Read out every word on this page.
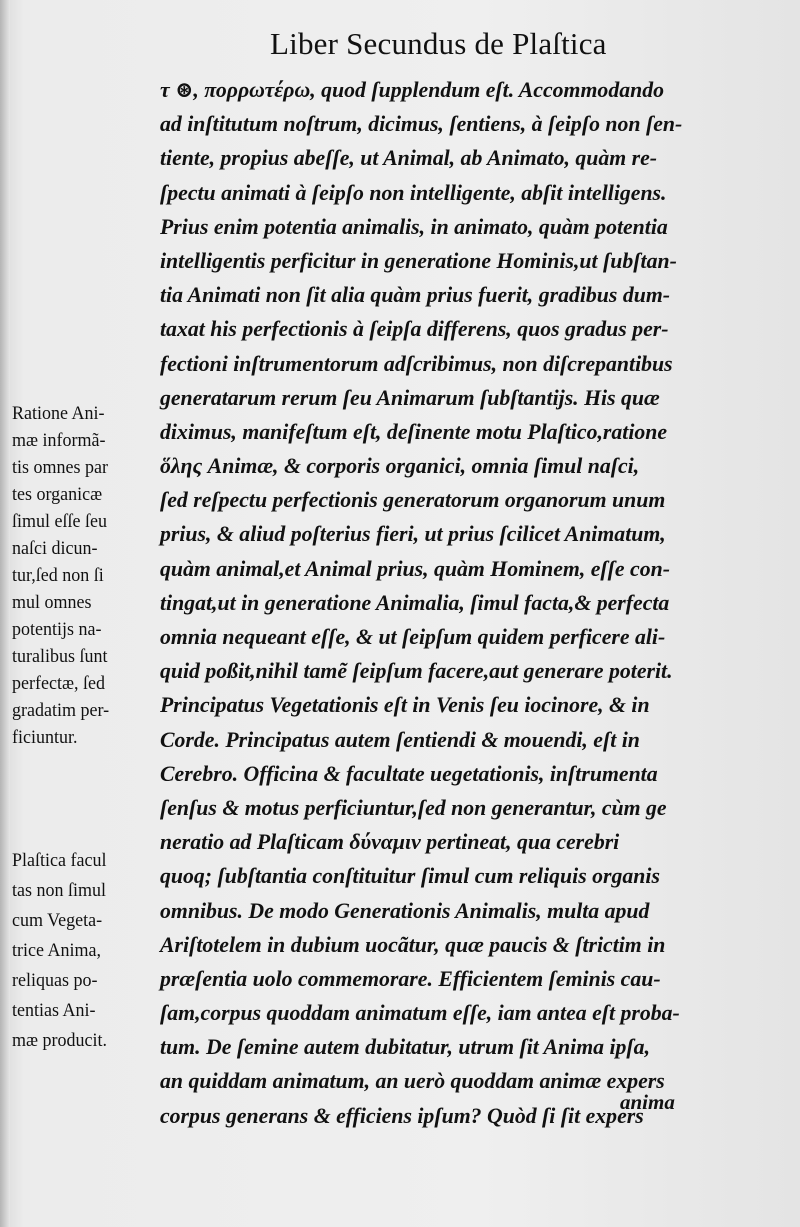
Liber Secundus de Plaſtica
τ ⊛, πορρωτέρω, quod ſupplendum eſt. Accommodando
ad inſtitutum noſtrum, dicimus, ſentiens, à ſeipſo non ſen-
tiente, propius abeſſe, ut Animal, ab Animato, quàm re-
ſpectu animati à ſeipſo non intelligente, abſit intelligens.
Prius enim potentia animalis, in animato, quàm potentia
intelligentis perficitur in generatione Hominis,ut ſubſtan-
tia Animati non ſit alia quàm prius fuerit, gradibus dum-
taxat his perfectionis à ſeipſa differens, quos gradus per-
fectioni inſtrumentorum adſcribimus, non diſcrepantibus
generatarum rerum ſeu Animarum ſubſtantijs. His quæ
diximus, manifeſtum eſt, deſinente motu Plaſtico,ratione
ὅλης Animæ, & corporis organici, omnia ſimul naſci,
ſed reſpectu perfectionis generatorum organorum unum
prius, & aliud poſterius fieri, ut prius ſcilicet Animatum,
quàm animal,et Animal prius, quàm Hominem, eſſe con-
tingat,ut in generatione Animalia, ſimul facta,& perfecta
omnia nequeant eſſe, & ut ſeipſum quidem perficere ali-
quid poßit,nihil tamẽ ſeipſum facere,aut generare poterit.
Principatus Vegetationis eſt in Venis ſeu iocinore, & in
Corde. Principatus autem ſentiendi & mouendi, eſt in
Cerebro. Officina & facultate uegetationis, inſtrumenta
ſenſus & motus perficiuntur,ſed non generantur, cùm ge
neratio ad Plaſticam δύναμιν pertineat, qua cerebri
quoq; ſubſtantia conſtituitur ſimul cum reliquis organis
omnibus. De modo Generationis Animalis, multa apud
Ariſtotelem in dubium uocãtur, quæ paucis & ſtrictim in
præſentia uolo commemorare. Efficientem ſeminis cau-
ſam,corpus quoddam animatum eſſe, iam antea eſt proba-
tum. De ſemine autem dubitatur, utrum ſit Anima ipſa,
an quiddam animatum, an uerò quoddam animæ expers
corpus generans & efficiens ipſum? Quòd ſi ſit expers
anima
Ratione Ani-
mæ informã-
tis omnes par
tes organicæ
ſimul eſſe ſeu
naſci dicun-
tur,ſed non ſi
mul omnes
potentijs na-
turalibus ſunt
perfectæ, ſed
gradatim per-
ficiuntur.
Plaſtica facul
tas non ſimul
cum Vegeta-
trice Anima,
reliquas po-
tentias Ani-
mæ producit.
